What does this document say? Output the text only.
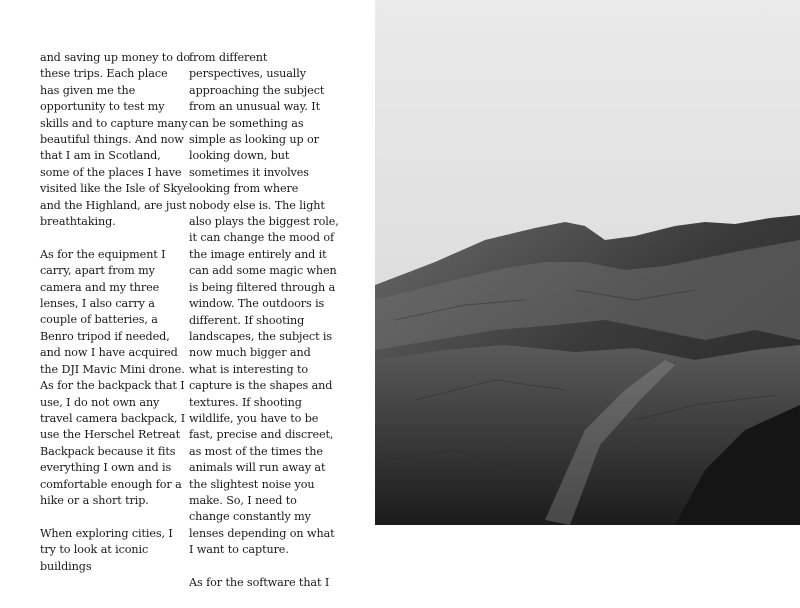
and saving up money to do these trips. Each place has given me the opportunity to test my skills and to capture many beautiful things. And now that I am in Scotland, some of the places I have visited like the Isle of Skye and the Highland, are just breathtaking.

As for the equipment I carry, apart from my camera and my three lenses, I also carry a couple of batteries, a Benro tripod if needed, and now I have acquired the DJI Mavic Mini drone. As for the backpack that I use, I do not own any travel camera backpack, I use the Herschel Retreat Backpack because it fits everything I own and is comfortable enough for a hike or a short trip.

When exploring cities, I try to look at iconic buildings

from different perspectives, usually approaching the subject from an unusual way. It can be something as simple as looking up or looking down, but sometimes it involves looking from where nobody else is. The light also plays the biggest role, it can change the mood of the image entirely and it can add some magic when is being filtered through a window. The outdoors is different. If shooting landscapes, the subject is now much bigger and what is interesting to capture is the shapes and textures. If shooting wildlife, you have to be fast, precise and discreet, as most of the times the animals will run away at the slightest noise you make. So, I need to change constantly my lenses depending on what I want to capture.

As for the software that I
